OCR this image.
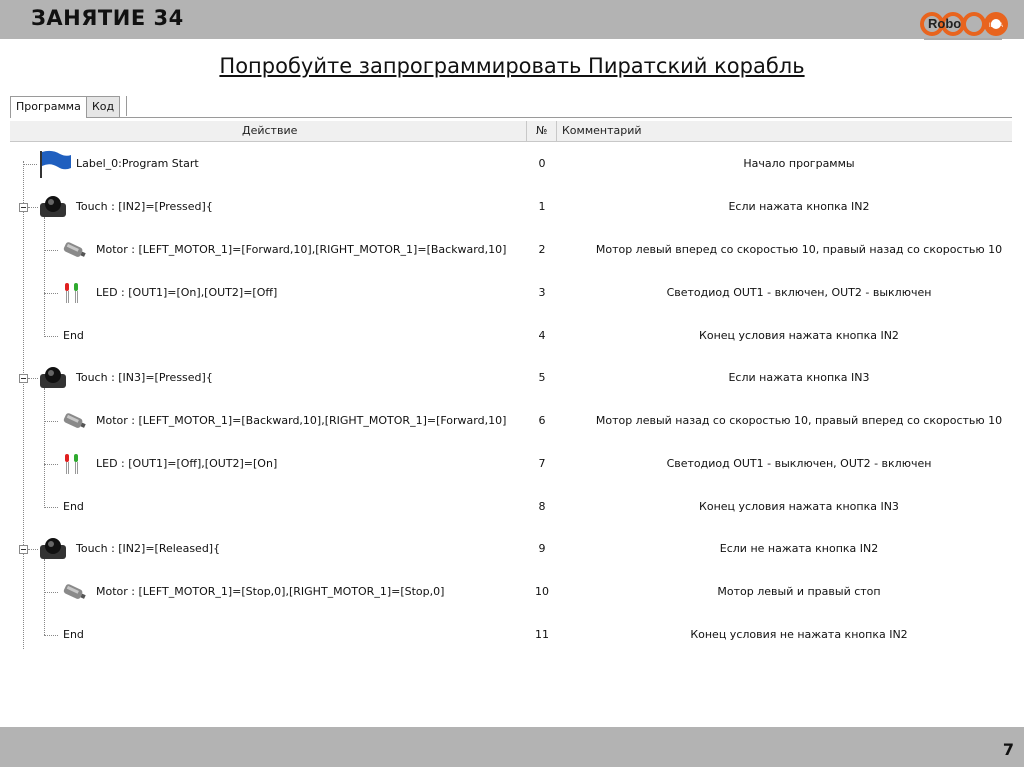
ЗАНЯТИЕ 34	Robo	IDEA
Попробуйте запрограммировать Пиратский корабль
Программа	Код
Действие	№ Комментарий
Label_0:Program Start	0	Начало программы
Touch : [IN2]=[Pressed]{	1	Если нажата кнопка IN2
Motor : [LEFT_MOTOR_1]=[Forward,10],[RIGHT_MOTOR_1]=[Backward,10]	2	Мотор левый вперед со скоростью 10, правый назад со скоростью 10
LED : [OUT1]=[On],[OUT2]=[Off]	3	Светодиод OUT1 - включен, OUT2 - выключен
End	4	Конец условия нажата кнопка IN2
Touch : [IN3]=[Pressed]{	5	Если нажата кнопка IN3
Motor : [LEFT_MOTOR_1]=[Backward,10],[RIGHT_MOTOR_1]=[Forward,10]	6	Мотор левый назад со скоростью 10, правый вперед со скоростью 10
LED : [OUT1]=[Off],[OUT2]=[On]	7	Светодиод OUT1 - выключен, OUT2 - включен
End	8	Конец условия нажата кнопка IN3
Touch : [IN2]=[Released]{	9	Если не нажата кнопка IN2
Motor : [LEFT_MOTOR_1]=[Stop,0],[RIGHT_MOTOR_1]=[Stop,0]	10	Мотор левый и правый стоп
End	11	Конец условия не нажата кнопка IN2
7
